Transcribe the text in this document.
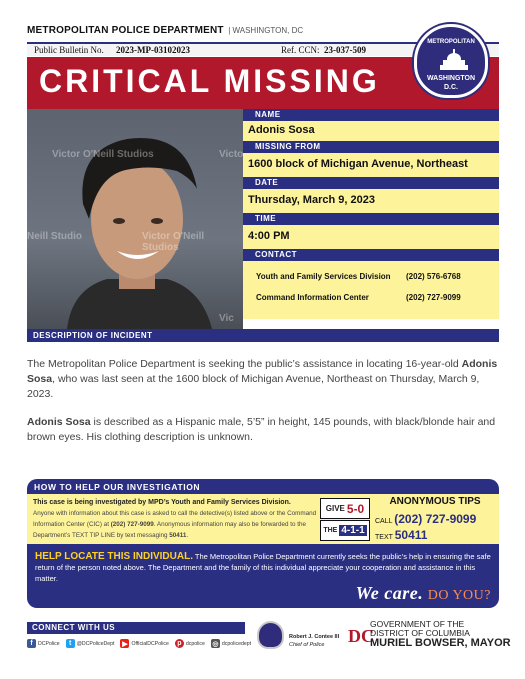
METROPOLITAN POLICE DEPARTMENT | WASHINGTON, DC
Public Bulletin No. 2023-MP-03102023	Ref. CCN: 23-037-509
CRITICAL MISSING
METROPOLITAN
WASHINGTON
D.C.
Victor O'Neill Studios
Neill Studio	Victor O'Neill Studios
Victo
Vic
NAME
Adonis Sosa
MISSING FROM
1600 block of Michigan Avenue, Northeast
DATE
Thursday, March 9, 2023
TIME
4:00 PM
CONTACT
Youth and Family Services Division	(202) 576-6768
Command Information Center	(202) 727-9099
DESCRIPTION OF INCIDENT
The Metropolitan Police Department is seeking the public’s assistance in locating 16-year-old Adonis Sosa, who was last seen at the 1600 block of Michigan Avenue, Northeast on Thursday, March 9, 2023.
Adonis Sosa is described as a Hispanic male, 5’5” in height, 145 pounds, with black/blonde hair and brown eyes. His clothing description is unknown.
HOW TO HELP OUR INVESTIGATION
This case is being investigated by MPD’s Youth and Family Services Division.
Anyone with information about this case is asked to call the detective(s) listed above or the Command Information Center (CIC) at (202) 727-9099. Anonymous information may also be forwarded to the Department’s TEXT TIP LINE by text messaging 50411.
GIVE 5-0
THE 4-1-1
ANONYMOUS TIPS
CALL (202) 727-9099
TEXT 50411
HELP LOCATE THIS INDIVIDUAL. The Metropolitan Police Department currently seeks the public’s help in ensuring the safe return of the person noted above. The Department and the family of this individual appreciate your cooperation and assistance in this matter.
We care. DO YOU?
CONNECT WITH US
f	DCPolice	t	@DCPoliceDept ▶ OfficialDCPolice	p dcpolice ◎ dcpolicedept
Robert J. Contee III
Chief of Police	DC
GOVERNMENT OF THE
DISTRICT OF COLUMBIA
MURIEL BOWSER, MAYOR
